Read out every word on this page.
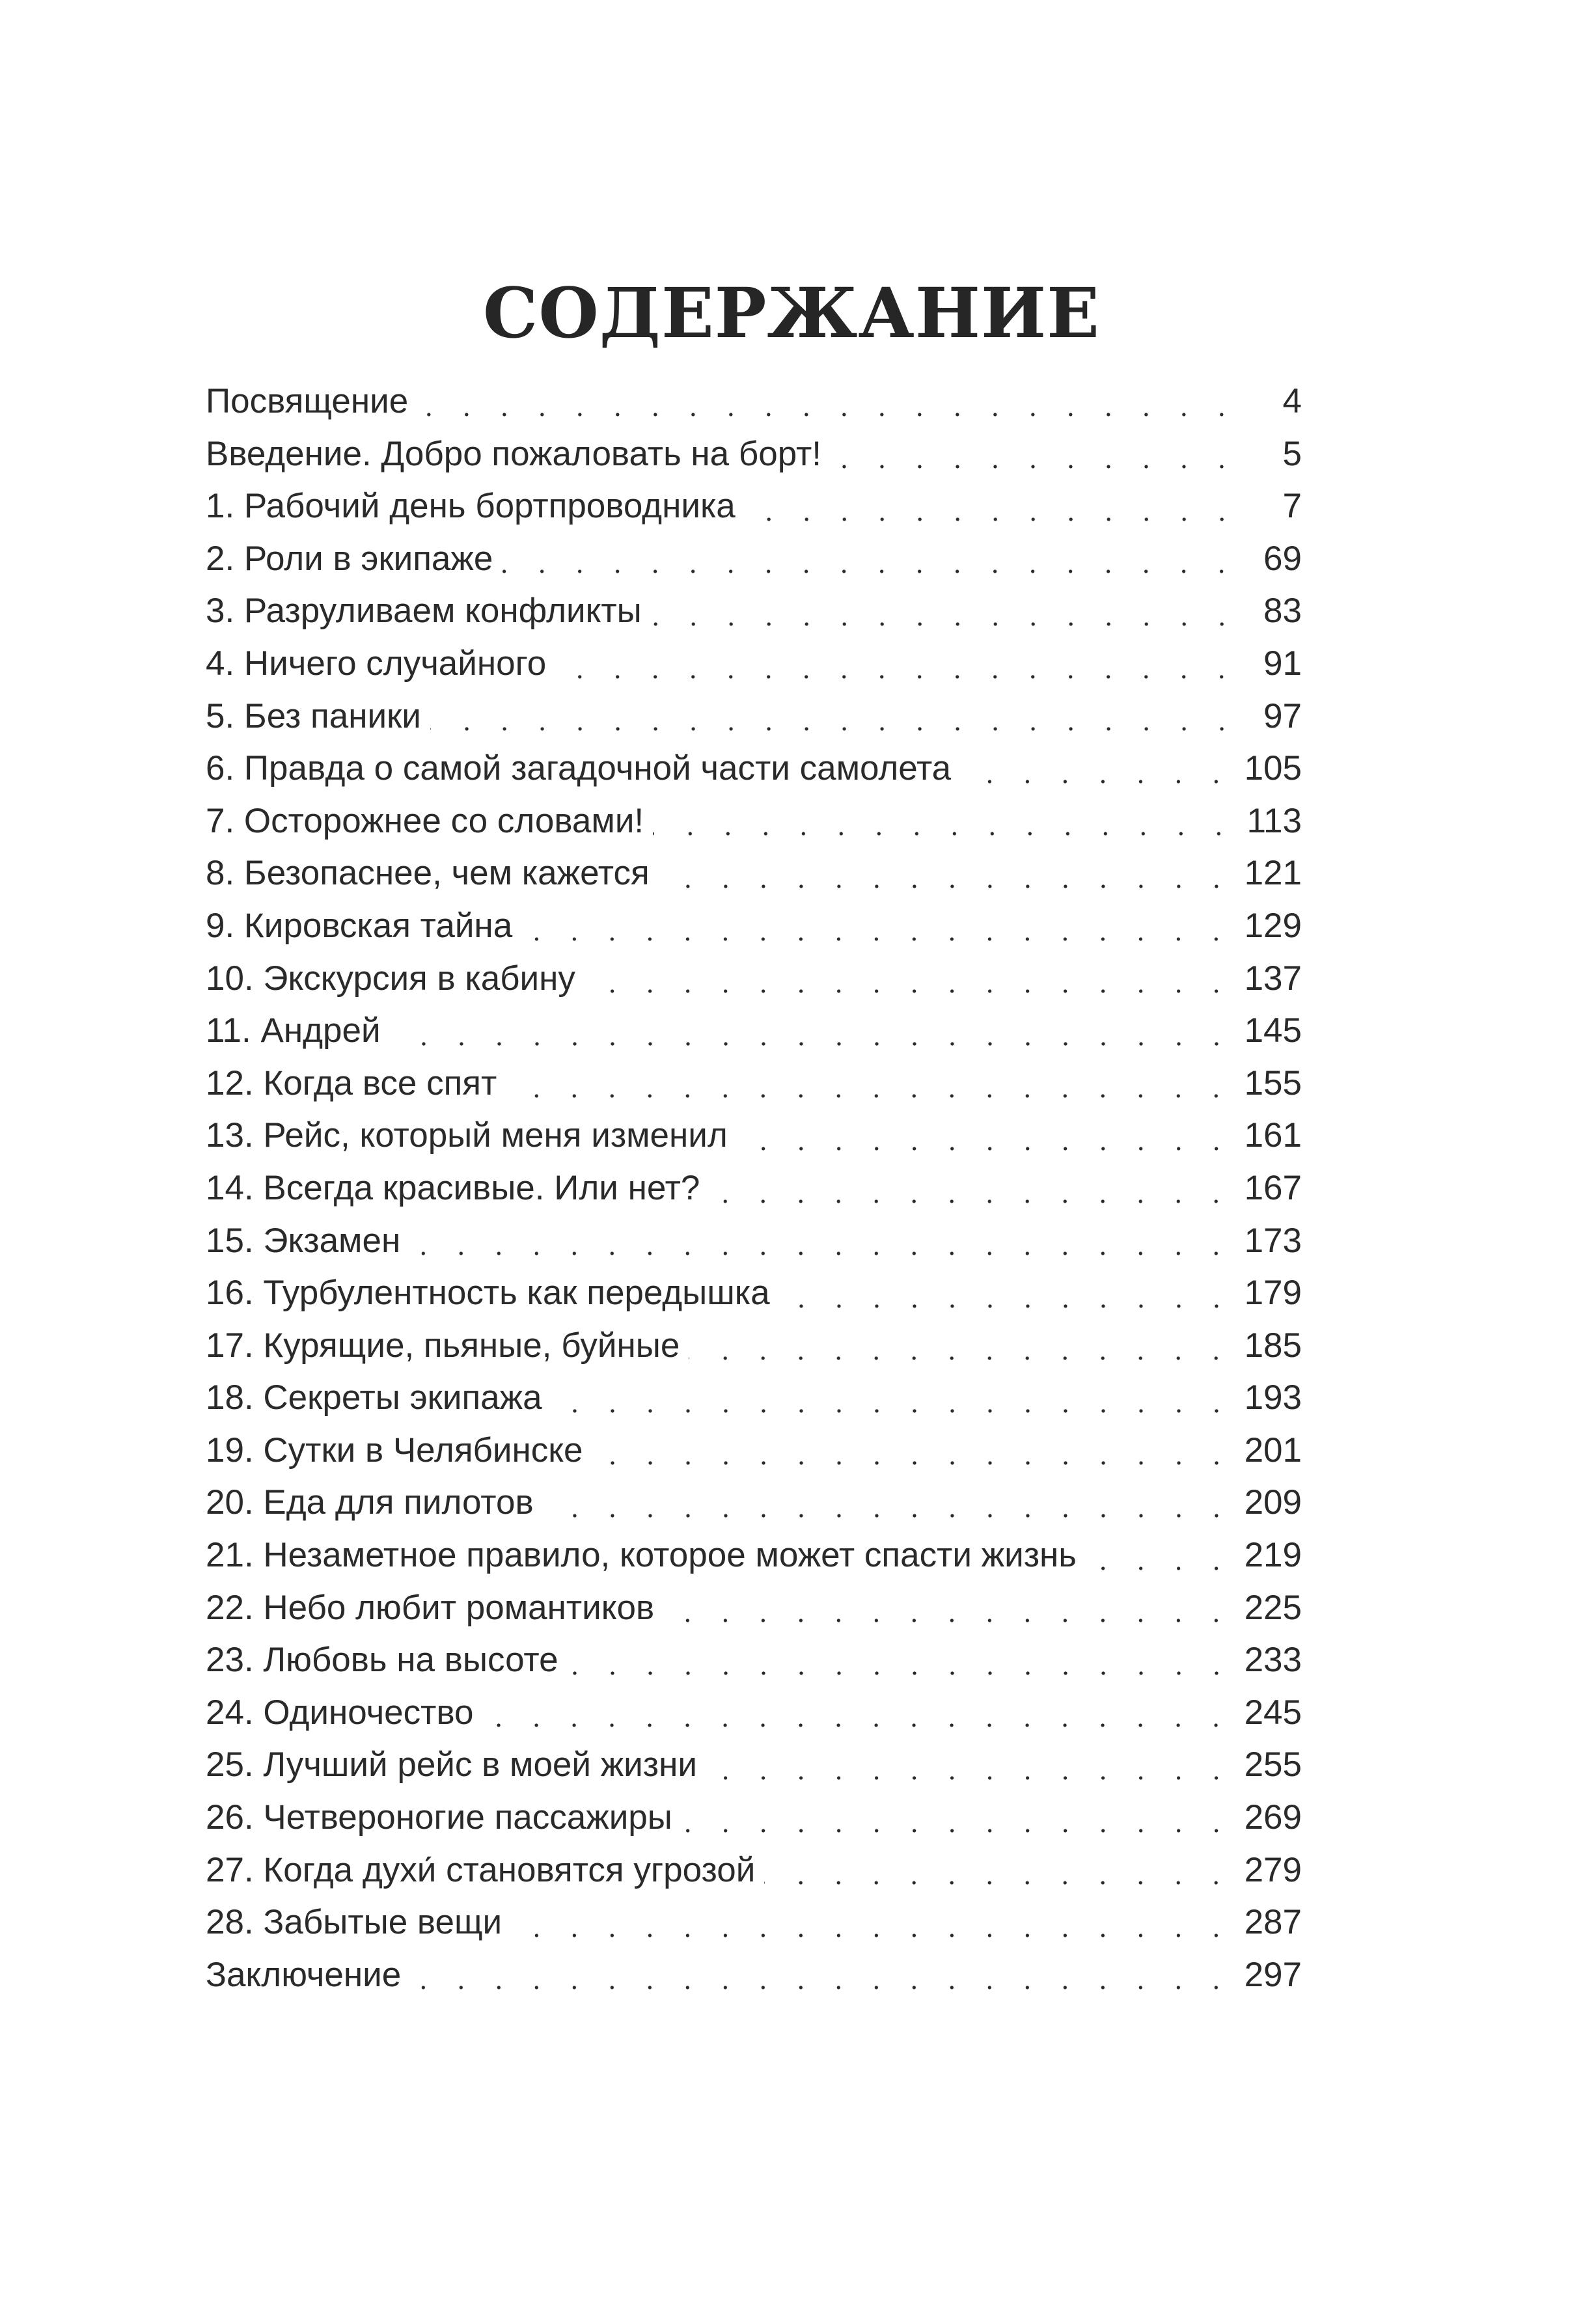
СОДЕРЖАНИЕ
Посвящение	4
Введение. Добро пожаловать на борт!	5
1. Рабочий день бортпроводника	7
2. Роли в экипаже	69
3. Разруливаем конфликты	83
4. Ничего случайного	91
5. Без паники	97
6. Правда о самой загадочной части самолета	105
7. Осторожнее со словами!	113
8. Безопаснее, чем кажется	121
9. Кировская тайна	129
10. Экскурсия в кабину	137
11. Андрей	145
12. Когда все спят	155
13. Рейс, который меня изменил	161
14. Всегда красивые. Или нет?	167
15. Экзамен	173
16. Турбулентность как передышка	179
17. Курящие, пьяные, буйные	185
18. Секреты экипажа	193
19. Сутки в Челябинске	201
20. Еда для пилотов	209
21. Незаметное правило, которое может спасти жизнь	219
22. Небо любит романтиков	225
23. Любовь на высоте	233
24. Одиночество	245
25. Лучший рейс в моей жизни	255
26. Четвероногие пассажиры	269
27. Когда духи́ становятся угрозой	279
28. Забытые вещи	287
Заключение	297
